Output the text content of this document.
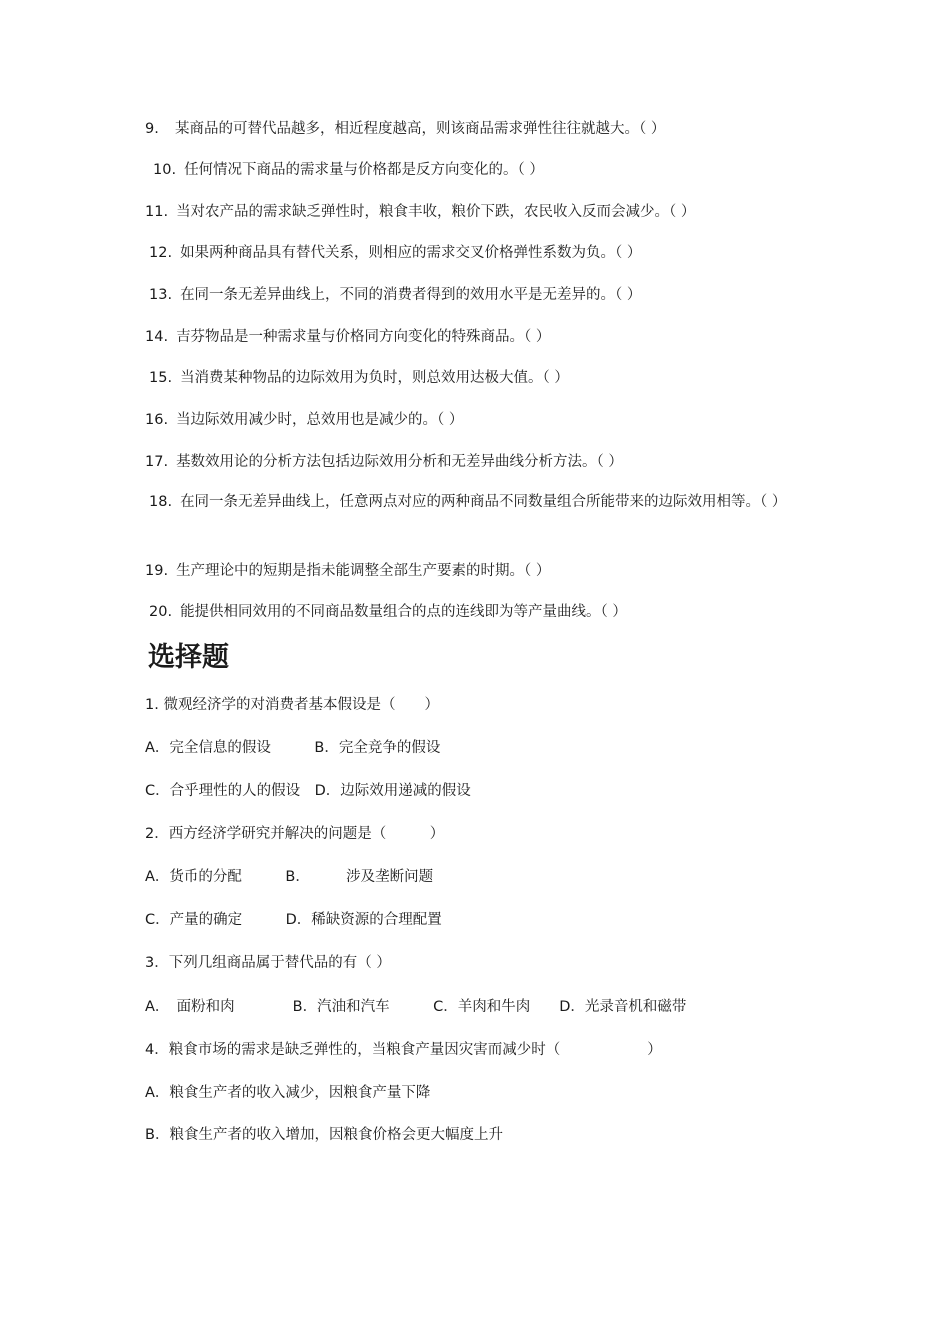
9. 某商品的可替代品越多，相近程度越高，则该商品需求弹性往往就越大。（ ）
10. 任何情况下商品的需求量与价格都是反方向变化的。（ ）
11. 当对农产品的需求缺乏弹性时，粮食丰收，粮价下跌，农民收入反而会减少。（ ）
12. 如果两种商品具有替代关系，则相应的需求交叉价格弹性系数为负。（ ）
13. 在同一条无差异曲线上，不同的消费者得到的效用水平是无差异的。（ ）
14. 吉芬物品是一种需求量与价格同方向变化的特殊商品。（ ）
15. 当消费某种物品的边际效用为负时，则总效用达极大值。（ ）
16. 当边际效用减少时，总效用也是减少的。（ ）
17. 基数效用论的分析方法包括边际效用分析和无差异曲线分析方法。（ ）
18. 在同一条无差异曲线上，任意两点对应的两种商品不同数量组合所能带来的边际效用相等。（ ）
19. 生产理论中的短期是指未能调整全部生产要素的时期。（ ）
20. 能提供相同效用的不同商品数量组合的点的连线即为等产量曲线。（ ）
选择题
1. 微观经济学的对消费者基本假设是（　　）
A．完全信息的假设　　　B．完全竞争的假设
C．合乎理性的人的假设　D．边际效用递减的假设
2．西方经济学研究并解决的问题是（　　　）
A．货币的分配　　　B．　　　涉及垄断问题
C．产量的确定　　　D．稀缺资源的合理配置
3．下列几组商品属于替代品的有（ ）
A．　面粉和肉　　　　B．汽油和汽车　　　C．羊肉和牛肉　　D．光录音机和磁带
4．粮食市场的需求是缺乏弹性的，当粮食产量因灾害而减少时（　　　　　　）
A．粮食生产者的收入减少，因粮食产量下降
B．粮食生产者的收入增加，因粮食价格会更大幅度上升
